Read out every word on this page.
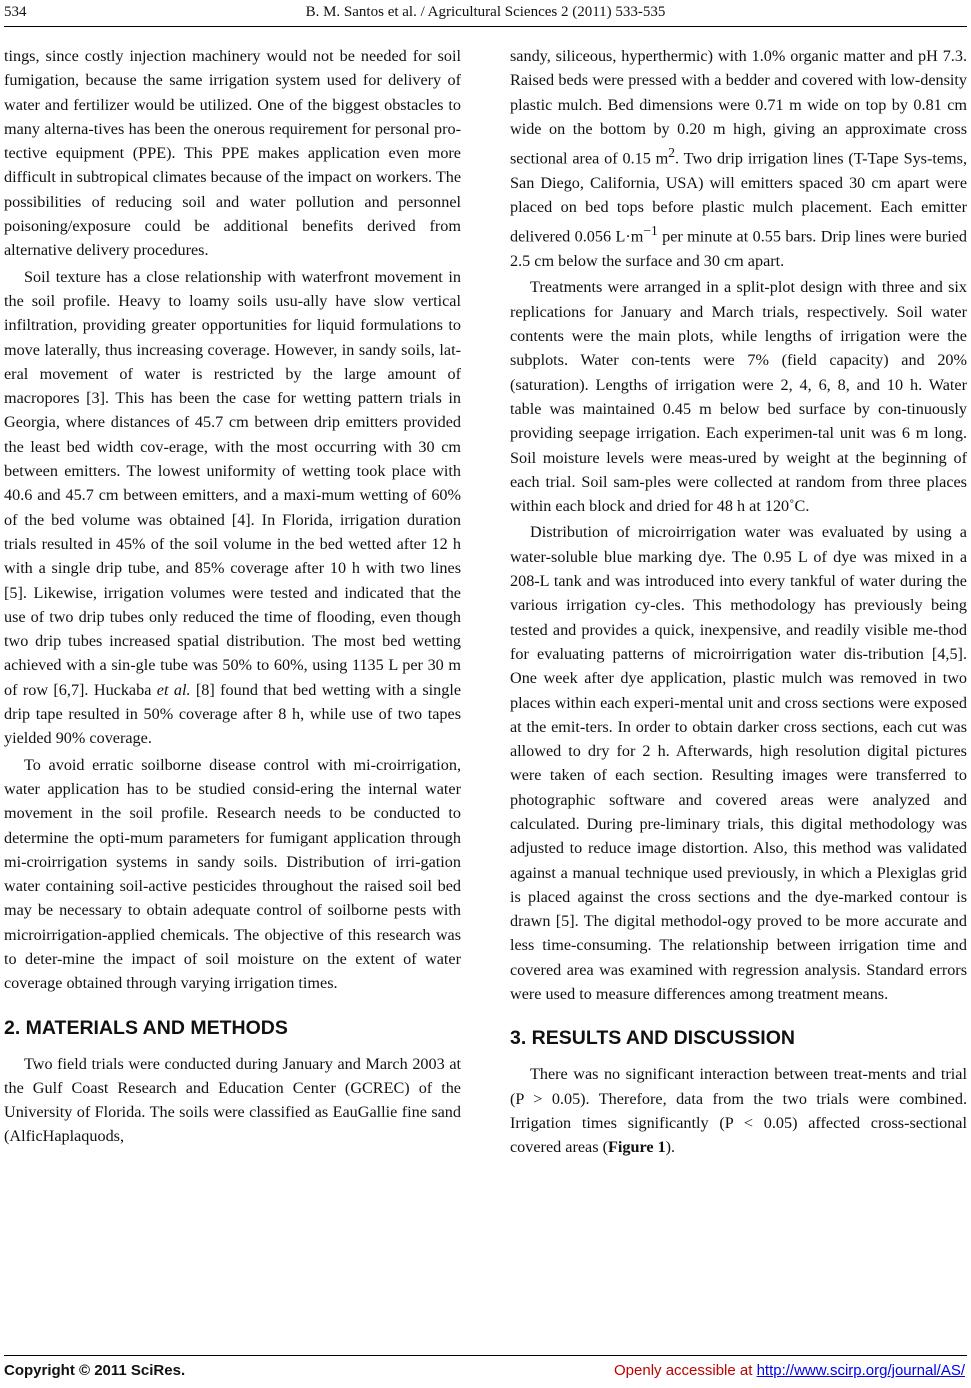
534	B. M. Santos et al. / Agricultural Sciences 2 (2011) 533-535

tings, since costly injection machinery would not be needed for soil fumigation, because the same irrigation system used for delivery of water and fertilizer would be utilized. One of the biggest obstacles to many alterna-tives has been the onerous requirement for personal pro-tective equipment (PPE). This PPE makes application even more difficult in subtropical climates because of the impact on workers. The possibilities of reducing soil and water pollution and personnel poisoning/exposure could be additional benefits derived from alternative delivery procedures.

Soil texture has a close relationship with waterfront movement in the soil profile. Heavy to loamy soils usu-ally have slow vertical infiltration, providing greater opportunities for liquid formulations to move laterally, thus increasing coverage. However, in sandy soils, lat-eral movement of water is restricted by the large amount of macropores [3]. This has been the case for wetting pattern trials in Georgia, where distances of 45.7 cm between drip emitters provided the least bed width cov-erage, with the most occurring with 30 cm between emitters. The lowest uniformity of wetting took place with 40.6 and 45.7 cm between emitters, and a maxi-mum wetting of 60% of the bed volume was obtained [4]. In Florida, irrigation duration trials resulted in 45% of the soil volume in the bed wetted after 12 h with a single drip tube, and 85% coverage after 10 h with two lines [5]. Likewise, irrigation volumes were tested and indicated that the use of two drip tubes only reduced the time of flooding, even though two drip tubes increased spatial distribution. The most bed wetting achieved with a sin-gle tube was 50% to 60%, using 1135 L per 30 m of row [6,7]. Huckaba et al. [8] found that bed wetting with a single drip tape resulted in 50% coverage after 8 h, while use of two tapes yielded 90% coverage.

To avoid erratic soilborne disease control with mi-croirrigation, water application has to be studied consid-ering the internal water movement in the soil profile. Research needs to be conducted to determine the opti-mum parameters for fumigant application through mi-croirrigation systems in sandy soils. Distribution of irri-gation water containing soil-active pesticides throughout the raised soil bed may be necessary to obtain adequate control of soilborne pests with microirrigation-applied chemicals. The objective of this research was to deter-mine the impact of soil moisture on the extent of water coverage obtained through varying irrigation times.

2. MATERIALS AND METHODS

Two field trials were conducted during January and March 2003 at the Gulf Coast Research and Education Center (GCREC) of the University of Florida. The soils were classified as EauGallie fine sand (AlficHaplaquods,

sandy, siliceous, hyperthermic) with 1.0% organic matter and pH 7.3. Raised beds were pressed with a bedder and covered with low-density plastic mulch. Bed dimensions were 0.71 m wide on top by 0.81 cm wide on the bottom by 0.20 m high, giving an approximate cross sectional area of 0.15 $m^2$. Two drip irrigation lines (T-Tape Sys-tems, San Diego, California, USA) will emitters spaced 30 cm apart were placed on bed tops before plastic mulch placement. Each emitter delivered 0.056 $L\cdot m^{-1}$ per minute at 0.55 bars. Drip lines were buried 2.5 cm below the surface and 30 cm apart.

Treatments were arranged in a split-plot design with three and six replications for January and March trials, respectively. Soil water contents were the main plots, while lengths of irrigation were the subplots. Water con-tents were 7% (field capacity) and 20% (saturation). Lengths of irrigation were 2, 4, 6, 8, and 10 h. Water table was maintained 0.45 m below bed surface by con-tinuously providing seepage irrigation. Each experimen-tal unit was 6 m long. Soil moisture levels were meas-ured by weight at the beginning of each trial. Soil sam-ples were collected at random from three places within each block and dried for 48 h at 120˚C.

Distribution of microirrigation water was evaluated by using a water-soluble blue marking dye. The 0.95 L of dye was mixed in a 208-L tank and was introduced into every tankful of water during the various irrigation cy-cles. This methodology has previously being tested and provides a quick, inexpensive, and readily visible me-thod for evaluating patterns of microirrigation water dis-tribution [4,5]. One week after dye application, plastic mulch was removed in two places within each experi-mental unit and cross sections were exposed at the emit-ters. In order to obtain darker cross sections, each cut was allowed to dry for 2 h. Afterwards, high resolution digital pictures were taken of each section. Resulting images were transferred to photographic software and covered areas were analyzed and calculated. During pre-liminary trials, this digital methodology was adjusted to reduce image distortion. Also, this method was validated against a manual technique used previously, in which a Plexiglas grid is placed against the cross sections and the dye-marked contour is drawn [5]. The digital methodol-ogy proved to be more accurate and less time-consuming. The relationship between irrigation time and covered area was examined with regression analysis. Standard errors were used to measure differences among treatment means.

3. RESULTS AND DISCUSSION

There was no significant interaction between treat-ments and trial (P > 0.05). Therefore, data from the two trials were combined. Irrigation times significantly (P < 0.05) affected cross-sectional covered areas (Figure 1).

Copyright © 2011 SciRes.	Openly accessible at http://www.scirp.org/journal/AS/
